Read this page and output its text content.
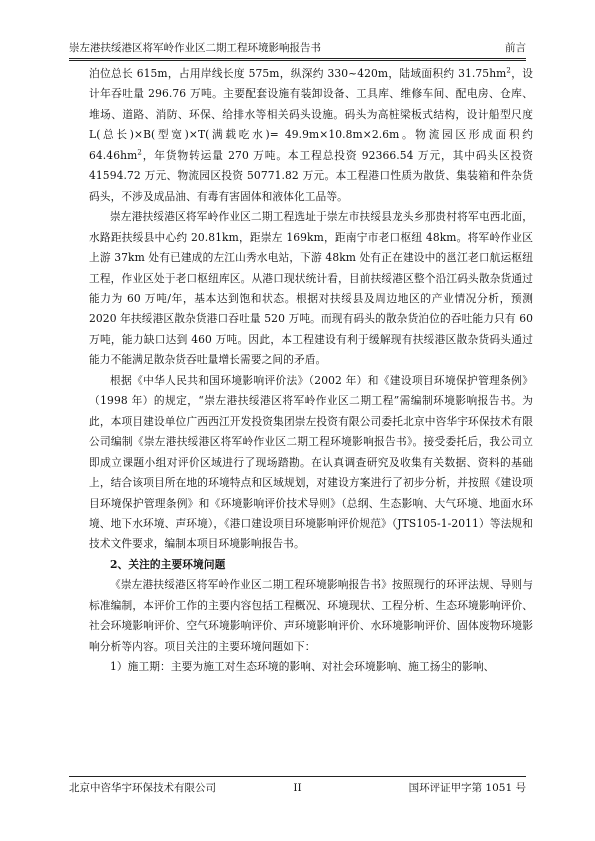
崇左港扶绥港区将军岭作业区二期工程环境影响报告书	前言

泊位总长 615m，占用岸线长度 575m，纵深约 330~420m，陆域面积约 $31.75hm^2$，设计年吞吐量 296.76 万吨。主要配套设施有装卸设备、工具库、维修车间、配电房、仓库、堆场、道路、消防、环保、给排水等相关码头设施。码头为高桩梁板式结构，设计船型尺度 L(总长)×B(型宽)×T(满载吃水)= 49.9m×10.8m×2.6m。物流园区形成面积约 $64.46hm^2$，年货物转运量 270 万吨。本工程总投资 92366.54 万元，其中码头区投资 41594.72 万元、物流园区投资 50771.82 万元。本工程港口性质为散货、集装箱和件杂货码头，不涉及成品油、有毒有害固体和液体化工品等。

崇左港扶绥港区将军岭作业区二期工程选址于崇左市扶绥县龙头乡那贵村将军屯西北面，水路距扶绥县中心约 20.81km，距崇左 169km，距南宁市老口枢纽 48km。将军岭作业区上游 37km 处有已建成的左江山秀水电站，下游 48km 处有正在建设中的邕江老口航运枢纽工程，作业区处于老口枢纽库区。从港口现状统计看，目前扶绥港区整个沿江码头散杂货通过能力为 60 万吨/年，基本达到饱和状态。根据对扶绥县及周边地区的产业情况分析，预测 2020 年扶绥港区散杂货港口吞吐量 520 万吨。而现有码头的散杂货泊位的吞吐能力只有 60 万吨，能力缺口达到 460 万吨。因此，本工程建设有利于缓解现有扶绥港区散杂货码头通过能力不能满足散杂货吞吐量增长需要之间的矛盾。

根据《中华人民共和国环境影响评价法》（2002 年）和《建设项目环境保护管理条例》（1998 年）的规定，“崇左港扶绥港区将军岭作业区二期工程”需编制环境影响报告书。为此，本项目建设单位广西西江开发投资集团崇左投资有限公司委托北京中咨华宇环保技术有限公司编制《崇左港扶绥港区将军岭作业区二期工程环境影响报告书》。接受委托后，我公司立即成立课题小组对评价区域进行了现场踏勘。在认真调查研究及收集有关数据、资料的基础上，结合该项目所在地的环境特点和区域规划，对建设方案进行了初步分析，并按照《建设项目环境保护管理条例》和《环境影响评价技术导则》（总纲、生态影响、大气环境、地面水环境、地下水环境、声环境），《港口建设项目环境影响评价规范》（JTS105-1-2011）等法规和技术文件要求，编制本项目环境影响报告书。

2、关注的主要环境问题

《崇左港扶绥港区将军岭作业区二期工程环境影响报告书》按照现行的环评法规、导则与标准编制，本评价工作的主要内容包括工程概况、环境现状、工程分析、生态环境影响评价、社会环境影响评价、空气环境影响评价、声环境影响评价、水环境影响评价、固体废物环境影响分析等内容。项目关注的主要环境问题如下：

1）施工期：主要为施工对生态环境的影响、对社会环境影响、施工扬尘的影响、

北京中咨华宇环保技术有限公司	II	国环评证甲字第 1051 号
